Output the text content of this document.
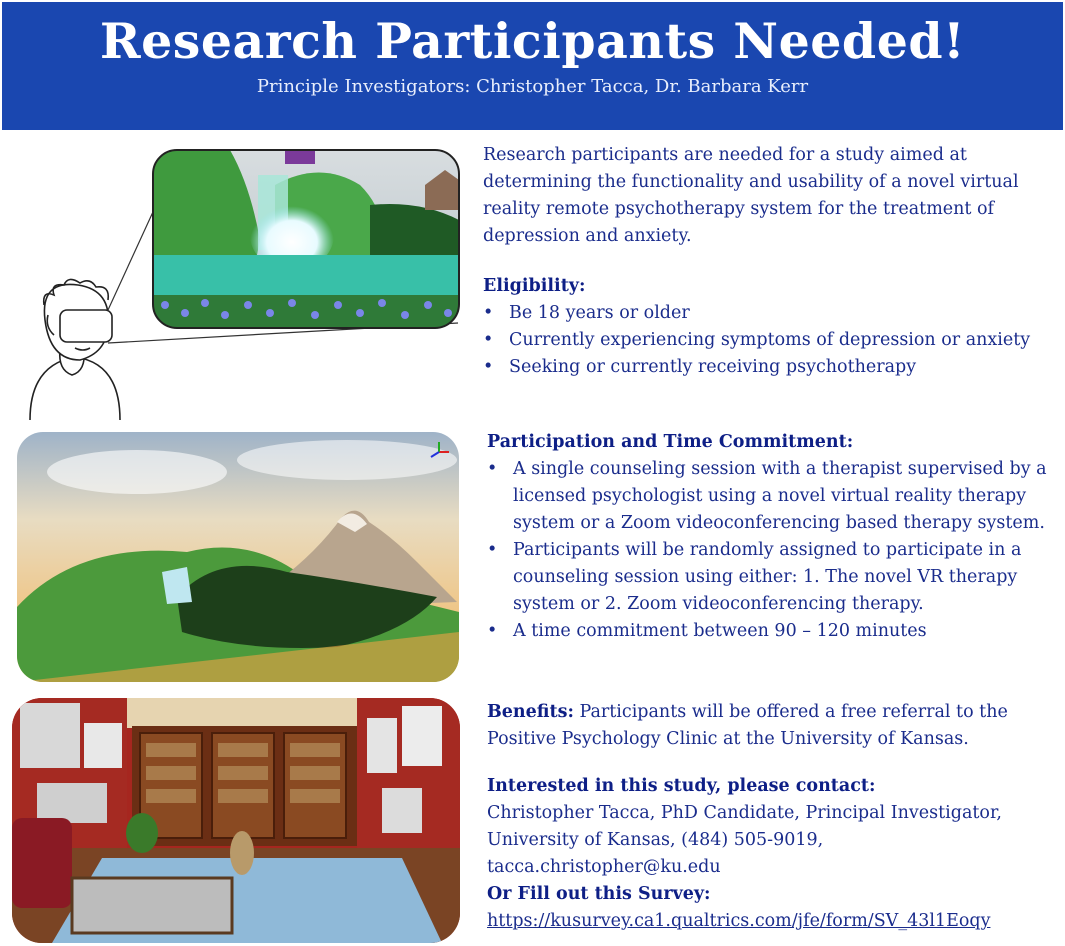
Research Participants Needed!
Principle Investigators: Christopher Tacca, Dr. Barbara Kerr

Research participants are needed for a study aimed at determining the functionality and usability of a novel virtual reality remote psychotherapy system for the treatment of depression and anxiety.

Eligibility:
• Be 18 years or older
• Currently experiencing symptoms of depression or anxiety
• Seeking or currently receiving psychotherapy
Participation and Time Commitment:
• A single counseling session with a therapist supervised by a licensed psychologist using a novel virtual reality therapy system or a Zoom videoconferencing based therapy system.
• Participants will be randomly assigned to participate in a counseling session using either: 1. The novel VR therapy system or 2. Zoom videoconferencing therapy.
• A time commitment between 90 – 120 minutes

Benefits: Participants will be offered a free referral to the Positive Psychology Clinic at the University of Kansas.

Interested in this study, please contact:
Christopher Tacca, PhD Candidate, Principal Investigator,
University of Kansas, (484) 505-9019,
tacca.christopher@ku.edu
Or Fill out this Survey:
https://kusurvey.ca1.qualtrics.com/jfe/form/SV_43l1Eoqy
